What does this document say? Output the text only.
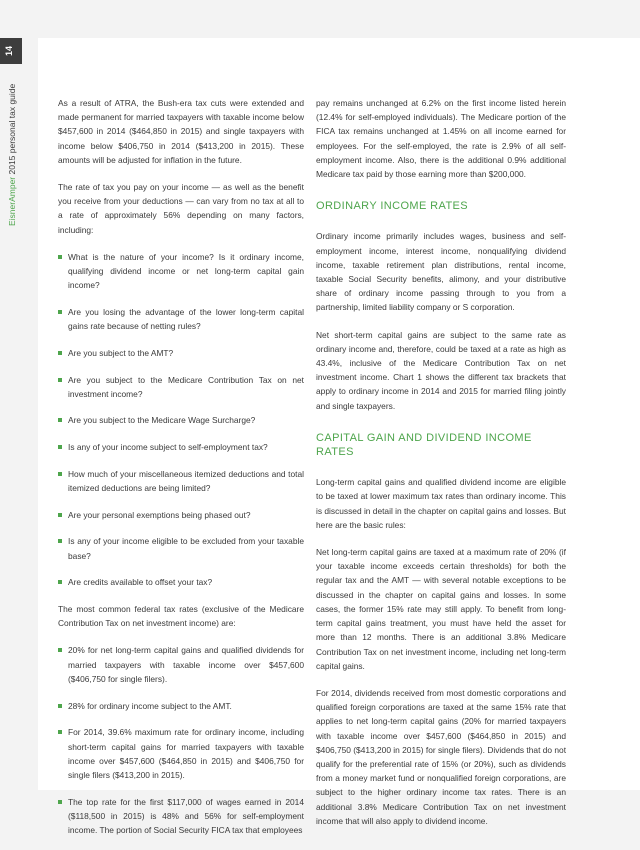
14
EisnerAmper 2015 personal tax guide	As a result of ATRA, the Bush-era tax cuts were extended and made permanent for married taxpayers with taxable income below $457,600 in 2014 ($464,850 in 2015) and single taxpayers with income below $406,750 in 2014 ($413,200 in 2015). These amounts will be adjusted for inflation in the future.

The rate of tax you pay on your income — as well as the benefit you receive from your deductions — can vary from no tax at all to a rate of approximately 56% depending on many factors, including:

What is the nature of your income? Is it ordinary income, qualifying dividend income or net long-term capital gain income?
Are you losing the advantage of the lower long-term capital gains rate because of netting rules?
Are you subject to the AMT?
Are you subject to the Medicare Contribution Tax on net investment income?
Are you subject to the Medicare Wage Surcharge?
Is any of your income subject to self-employment tax?
How much of your miscellaneous itemized deductions and total itemized deductions are being limited?
Are your personal exemptions being phased out?
Is any of your income eligible to be excluded from your taxable base?
Are credits available to offset your tax?

The most common federal tax rates (exclusive of the Medicare Contribution Tax on net investment income) are:

20% for net long-term capital gains and qualified dividends for married taxpayers with taxable income over $457,600 ($406,750 for single filers).
28% for ordinary income subject to the AMT.
For 2014, 39.6% maximum rate for ordinary income, including short-term capital gains for married taxpayers with taxable income over $457,600 ($464,850 in 2015) and $406,750 for single filers ($413,200 in 2015).
The top rate for the first $117,000 of wages earned in 2014 ($118,500 in 2015) is 48% and 56% for self-employment income. The portion of Social Security FICA tax that employees

pay remains unchanged at 6.2% on the first income listed herein (12.4% for self-employed individuals). The Medicare portion of the FICA tax remains unchanged at 1.45% on all income earned for employees. For the self-employed, the rate is 2.9% of all self-employment income. Also, there is the additional 0.9% additional Medicare tax paid by those earning more than $200,000.

ORDINARY INCOME RATES

Ordinary income primarily includes wages, business and self-employment income, interest income, nonqualifying dividend income, taxable retirement plan distributions, rental income, taxable Social Security benefits, alimony, and your distributive share of ordinary income passing through to you from a partnership, limited liability company or S corporation.

Net short-term capital gains are subject to the same rate as ordinary income and, therefore, could be taxed at a rate as high as 43.4%, inclusive of the Medicare Contribution Tax on net investment income. Chart 1 shows the different tax brackets that apply to ordinary income in 2014 and 2015 for married filing jointly and single taxpayers.

CAPITAL GAIN AND DIVIDEND INCOME RATES

Long-term capital gains and qualified dividend income are eligible to be taxed at lower maximum tax rates than ordinary income. This is discussed in detail in the chapter on capital gains and losses. But here are the basic rules:

Net long-term capital gains are taxed at a maximum rate of 20% (if your taxable income exceeds certain thresholds) for both the regular tax and the AMT — with several notable exceptions to be discussed in the chapter on capital gains and losses. In some cases, the former 15% rate may still apply. To benefit from long-term capital gains treatment, you must have held the asset for more than 12 months. There is an additional 3.8% Medicare Contribution Tax on net investment income, including net long-term capital gains.

For 2014, dividends received from most domestic corporations and qualified foreign corporations are taxed at the same 15% rate that applies to net long-term capital gains (20% for married taxpayers with taxable income over $457,600 ($464,850 in 2015) and $406,750 ($413,200 in 2015) for single filers). Dividends that do not qualify for the preferential rate of 15% (or 20%), such as dividends from a money market fund or nonqualified foreign corporations, are subject to the higher ordinary income tax rates. There is an additional 3.8% Medicare Contribution Tax on net investment income that will also apply to dividend income.
